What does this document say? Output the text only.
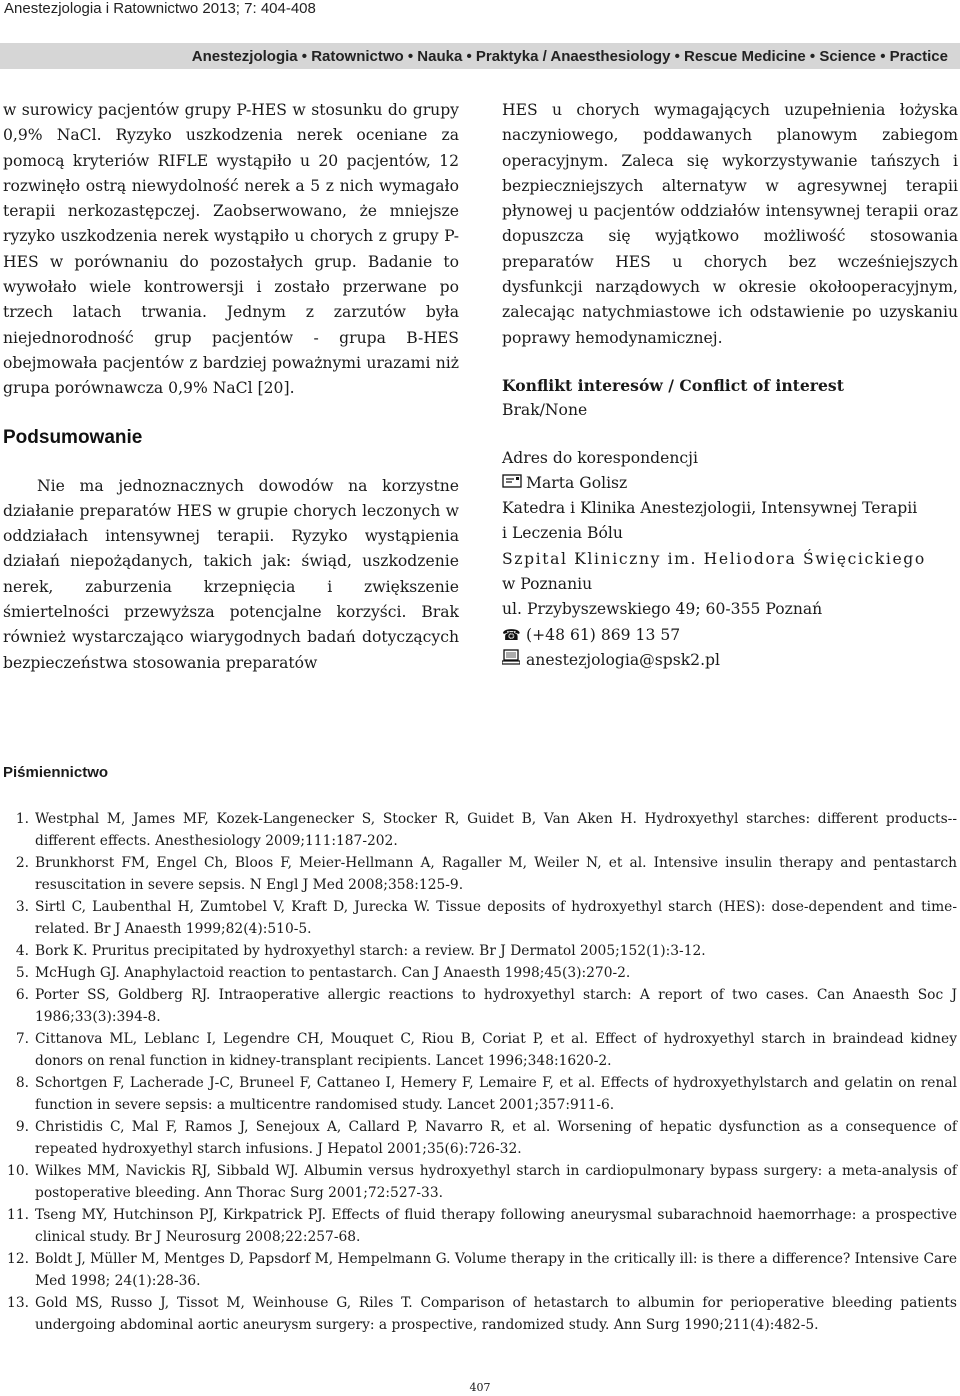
Anestezjologia i Ratownictwo 2013; 7: 404-408
Anestezjologia • Ratownictwo • Nauka • Praktyka / Anaesthesiology • Rescue Medicine • Science • Practice

w surowicy pacjentów grupy P-HES w stosunku do grupy 0,9% NaCl. Ryzyko uszkodzenia nerek oceniane za pomocą kryteriów RIFLE wystąpiło u 20 pacjentów, 12 rozwinęło ostrą niewydolność nerek a 5 z nich wymagało terapii nerkozastępczej. Zaobserwowano, że mniejsze ryzyko uszkodzenia nerek wystąpiło u chorych z grupy P-HES w porównaniu do pozostałych grup. Badanie to wywołało wiele kontrowersji i zostało przerwane po trzech latach trwania. Jednym z zarzutów była niejednorodność grup pacjentów - grupa B-HES obejmowała pacjentów z bardziej poważnymi urazami niż grupa porównawcza 0,9% NaCl [20].

Podsumowanie

Nie ma jednoznacznych dowodów na korzystne działanie preparatów HES w grupie chorych leczonych w oddziałach intensywnej terapii. Ryzyko wystąpienia działań niepożądanych, takich jak: świąd, uszkodzenie nerek, zaburzenia krzepnięcia i zwiększenie śmiertelności przewyższa potencjalne korzyści. Brak również wystarczająco wiarygodnych badań dotyczących bezpieczeństwa stosowania preparatów

HES u chorych wymagających uzupełnienia łożyska naczyniowego, poddawanych planowym zabiegom operacyjnym. Zaleca się wykorzystywanie tańszych i bezpieczniejszych alternatyw w agresywnej terapii płynowej u pacjentów oddziałów intensywnej terapii oraz dopuszcza się wyjątkowo możliwość stosowania preparatów HES u chorych bez wcześniejszych dysfunkcji narządowych w okresie okołooperacyjnym, zalecając natychmiastowe ich odstawienie po uzyskaniu poprawy hemodynamicznej.

Konflikt interesów / Conflict of interest
Brak/None
Adres do korespondencji
Marta Golisz
Katedra i Klinika Anestezjologii, Intensywnej Terapii
i Leczenia Bólu
Szpital Kliniczny im. Heliodora Święcickiego
w Poznaniu
ul. Przybyszewskiego 49; 60-355 Poznań
☎ (+48 61) 869 13 57
anestezjologia@spsk2.pl
Piśmiennictwo
1. Westphal M, James MF, Kozek-Langenecker S, Stocker R, Guidet B, Van Aken H. Hydroxyethyl starches: different products--different effects. Anesthesiology 2009;111:187-202.
2. Brunkhorst FM, Engel Ch, Bloos F, Meier-Hellmann A, Ragaller M, Weiler N, et al. Intensive insulin therapy and pentastarch resuscitation in severe sepsis. N Engl J Med 2008;358:125-9.
3. Sirtl C, Laubenthal H, Zumtobel V, Kraft D, Jurecka W. Tissue deposits of hydroxyethyl starch (HES): dose-dependent and time-related. Br J Anaesth 1999;82(4):510-5.
4. Bork K. Pruritus precipitated by hydroxyethyl starch: a review. Br J Dermatol 2005;152(1):3-12.
5. McHugh GJ. Anaphylactoid reaction to pentastarch. Can J Anaesth 1998;45(3):270-2.
6. Porter SS, Goldberg RJ. Intraoperative allergic reactions to hydroxyethyl starch: A report of two cases. Can Anaesth Soc J 1986;33(3):394-8.
7. Cittanova ML, Leblanc I, Legendre CH, Mouquet C, Riou B, Coriat P, et al. Effect of hydroxyethyl starch in braindead kidney donors on renal function in kidney-transplant recipients. Lancet 1996;348:1620-2.
8. Schortgen F, Lacherade J-C, Bruneel F, Cattaneo I, Hemery F, Lemaire F, et al. Effects of hydroxyethylstarch and gelatin on renal function in severe sepsis: a multicentre randomised study. Lancet 2001;357:911-6.
9. Christidis C, Mal F, Ramos J, Senejoux A, Callard P, Navarro R, et al. Worsening of hepatic dysfunction as a consequence of repeated hydroxyethyl starch infusions. J Hepatol 2001;35(6):726-32.
10. Wilkes MM, Navickis RJ, Sibbald WJ. Albumin versus hydroxyethyl starch in cardiopulmonary bypass surgery: a meta-analysis of postoperative bleeding. Ann Thorac Surg 2001;72:527-33.
11. Tseng MY, Hutchinson PJ, Kirkpatrick PJ. Effects of fluid therapy following aneurysmal subarachnoid haemorrhage: a prospective clinical study. Br J Neurosurg 2008;22:257-68.
12. Boldt J, Müller M, Mentges D, Papsdorf M, Hempelmann G. Volume therapy in the critically ill: is there a difference? Intensive Care Med 1998; 24(1):28-36.
13. Gold MS, Russo J, Tissot M, Weinhouse G, Riles T. Comparison of hetastarch to albumin for perioperative bleeding patients undergoing abdominal aortic aneurysm surgery: a prospective, randomized study. Ann Surg 1990;211(4):482-5.
407
